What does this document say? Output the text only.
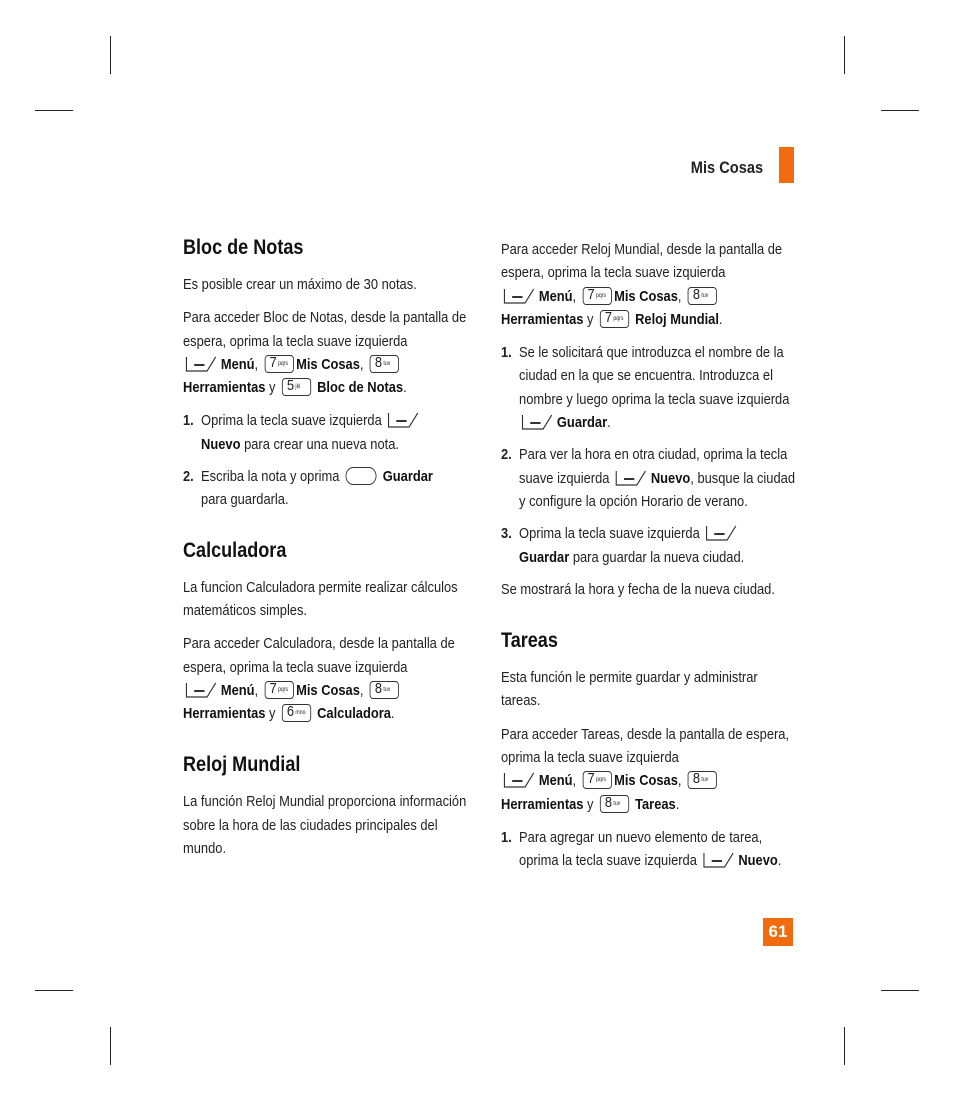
Mis Cosas
Bloc de Notas

Es posible crear un máximo de 30 notas.

Para acceder Bloc de Notas, desde la pantalla de espera, oprima la tecla suave izquierda
Menú, 7 pqrs Mis Cosas, 8 tuv

Herramientas y 5 jkl Bloc de Notas.

1. Oprima la tecla suave izquierda
Nuevo para crear una nueva nota.
2. Escriba la nota y oprima	Guardar
para guardarla.
Calculadora

La funcion Calculadora permite realizar cálculos matemáticos simples.

Para acceder Calculadora, desde la pantalla de espera, oprima la tecla suave izquierda
Menú, 7 pqrs Mis Cosas, 8 tuv

Herramientas y 6 mno Calculadora.

Reloj Mundial

La función Reloj Mundial proporciona información sobre la hora de las ciudades principales del mundo.

Para acceder Reloj Mundial, desde la pantalla de espera, oprima la tecla suave izquierda
Menú, 7 pqrs Mis Cosas, 8 tuv

Herramientas y 7 pqrs Reloj Mundial.

1. Se le solicitará que introduzca el nombre de la ciudad en la que se encuentra. Introduzca el nombre y luego oprima la tecla suave izquierda Guardar.
2. Para ver la hora en otra ciudad, oprima la tecla suave izquierda	Nuevo, busque la ciudad y configure la opción Horario de verano.
3. Oprima la tecla suave izquierda
Guardar para guardar la nueva ciudad.

Se mostrará la hora y fecha de la nueva ciudad.

Tareas

Esta función le permite guardar y administrar tareas.

Para acceder Tareas, desde la pantalla de espera, oprima la tecla suave izquierda
Menú, 7 pqrs Mis Cosas, 8 tuv

Herramientas y 8 tuv Tareas.

1. Para agregar un nuevo elemento de tarea, oprima la tecla suave izquierda	Nuevo.
61
